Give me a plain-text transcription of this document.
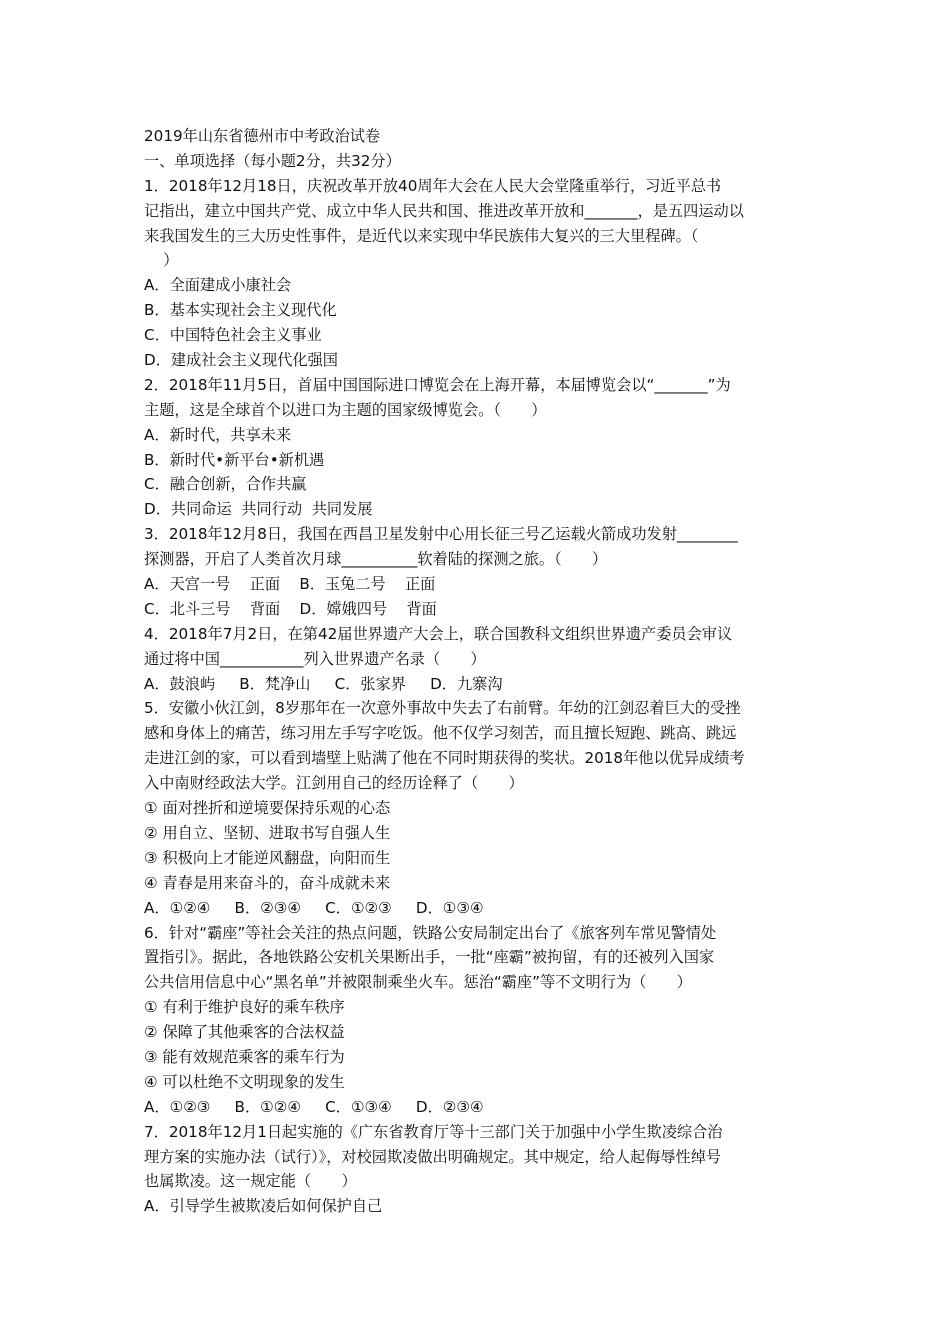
2019年山东省德州市中考政治试卷
一、单项选择（每小题2分，共32分）
1．2018年12月18日，庆祝改革开放40周年大会在人民大会堂隆重举行，习近平总书
记指出，建立中国共产党、成立中华人民共和国、推进改革开放和_______，是五四运动以
来我国发生的三大历史性事件，是近代以来实现中华民族伟大复兴的三大里程碑。（
）
A．全面建成小康社会
B．基本实现社会主义现代化
C．中国特色社会主义事业
D．建成社会主义现代化强国
2．2018年11月5日，首届中国国际进口博览会在上海开幕，本届博览会以“_______”为
主题，这是全球首个以进口为主题的国家级博览会。（　　）
A．新时代，共享未来
B．新时代•新平台•新机遇
C．融合创新，合作共赢
D．共同命运  共同行动  共同发展
3．2018年12月8日，我国在西昌卫星发射中心用长征三号乙运载火箭成功发射________
探测器，开启了人类首次月球__________软着陆的探测之旅。（　　）
A．天宫一号    正面    B．玉兔二号    正面
C．北斗三号    背面    D．嫦娥四号    背面
4．2018年7月2日，在第42届世界遗产大会上，联合国教科文组织世界遗产委员会审议
通过将中国___________列入世界遗产名录（　　）
A．鼓浪屿     B．梵净山     C．张家界     D．九寨沟
5．安徽小伙江剑，8岁那年在一次意外事故中失去了右前臂。年幼的江剑忍着巨大的受挫
感和身体上的痛苦，练习用左手写字吃饭。他不仅学习刻苦，而且擅长短跑、跳高、跳远
走进江剑的家，可以看到墙壁上贴满了他在不同时期获得的奖状。2018年他以优异成绩考
入中南财经政法大学。江剑用自己的经历诠释了（　　）
① 面对挫折和逆境要保持乐观的心态
② 用自立、坚韧、进取书写自强人生
③ 积极向上才能逆风翻盘，向阳而生
④ 青春是用来奋斗的，奋斗成就未来
A．①②④     B．②③④     C．①②③     D．①③④
6．针对“霸座”等社会关注的热点问题，铁路公安局制定出台了《旅客列车常见警情处
置指引》。据此，各地铁路公安机关果断出手，一批“座霸”被拘留，有的还被列入国家
公共信用信息中心“黑名单”并被限制乘坐火车。惩治“霸座”等不文明行为（　　）
① 有利于维护良好的乘车秩序
② 保障了其他乘客的合法权益
③ 能有效规范乘客的乘车行为
④ 可以杜绝不文明现象的发生
A．①②③     B．①②④     C．①③④     D．②③④
7．2018年12月1日起实施的《广东省教育厅等十三部门关于加强中小学生欺凌综合治
理方案的实施办法（试行）》，对校园欺凌做出明确规定。其中规定，给人起侮辱性绰号
也属欺凌。这一规定能（　　）
A．引导学生被欺凌后如何保护自己
